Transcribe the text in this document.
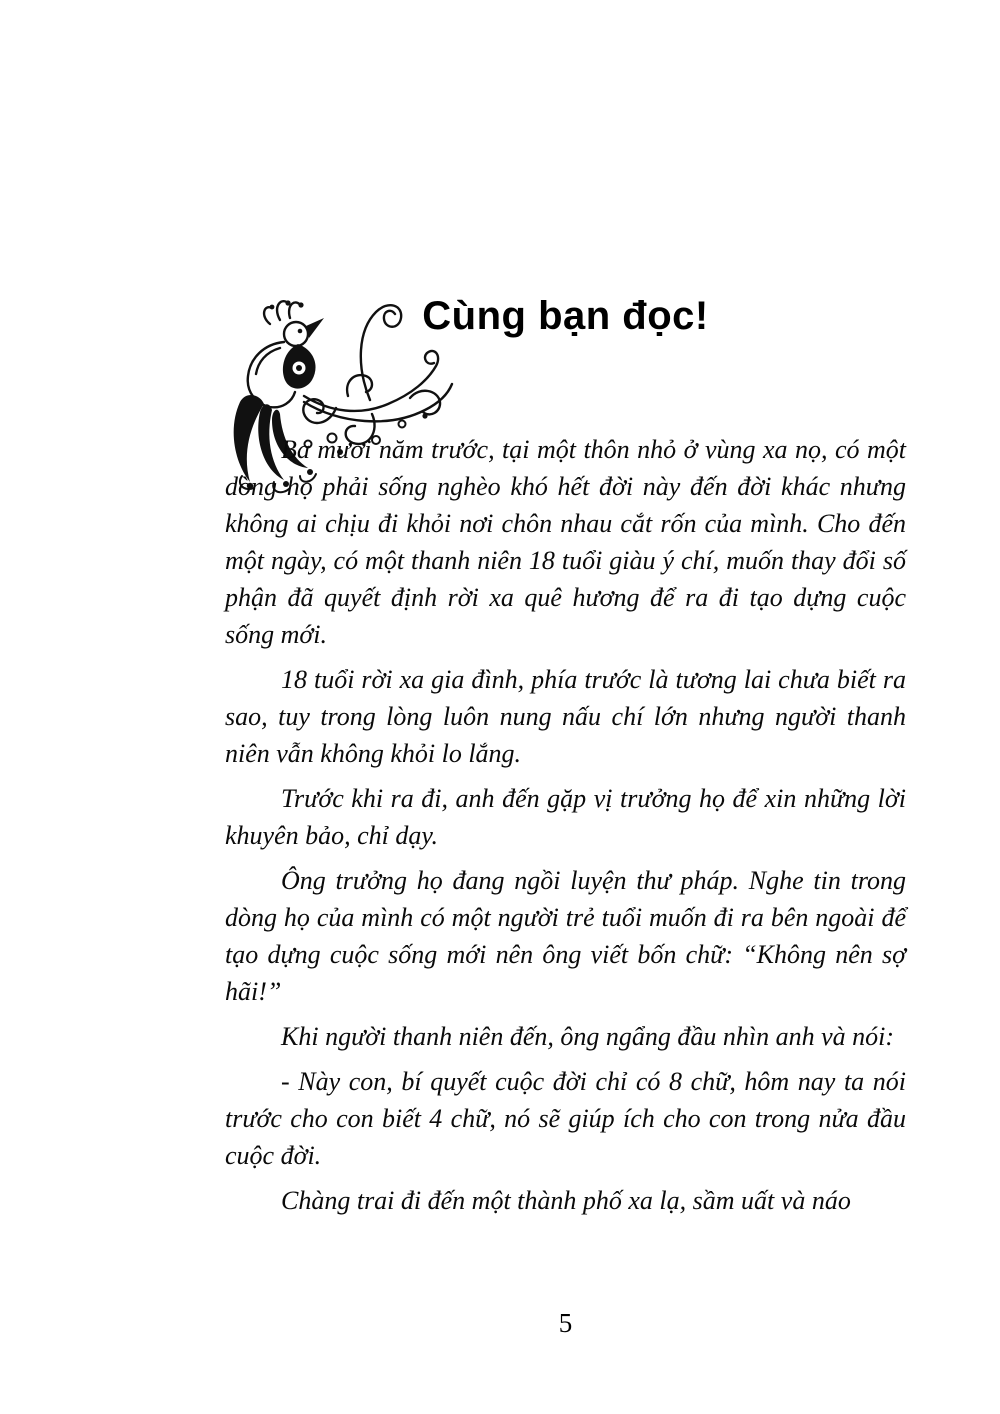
Cùng bạn đọc!

Ba mươi năm trước, tại một thôn nhỏ ở vùng xa nọ, có một dòng họ phải sống nghèo khó hết đời này đến đời khác nhưng không ai chịu đi khỏi nơi chôn nhau cắt rốn của mình. Cho đến một ngày, có một thanh niên 18 tuổi giàu ý chí, muốn thay đổi số phận đã quyết định rời xa quê hương để ra đi tạo dựng cuộc sống mới.

18 tuổi rời xa gia đình, phía trước là tương lai chưa biết ra sao, tuy trong lòng luôn nung nấu chí lớn nhưng người thanh niên vẫn không khỏi lo lắng.

Trước khi ra đi, anh đến gặp vị trưởng họ để xin những lời khuyên bảo, chỉ dạy.

Ông trưởng họ đang ngồi luyện thư pháp. Nghe tin trong dòng họ của mình có một người trẻ tuổi muốn đi ra bên ngoài để tạo dựng cuộc sống mới nên ông viết bốn chữ: “Không nên sợ hãi!”

Khi người thanh niên đến, ông ngẩng đầu nhìn anh và nói:

- Này con, bí quyết cuộc đời chỉ có 8 chữ, hôm nay ta nói trước cho con biết 4 chữ, nó sẽ giúp ích cho con trong nửa đầu cuộc đời.

Chàng trai đi đến một thành phố xa lạ, sầm uất và náo

5
